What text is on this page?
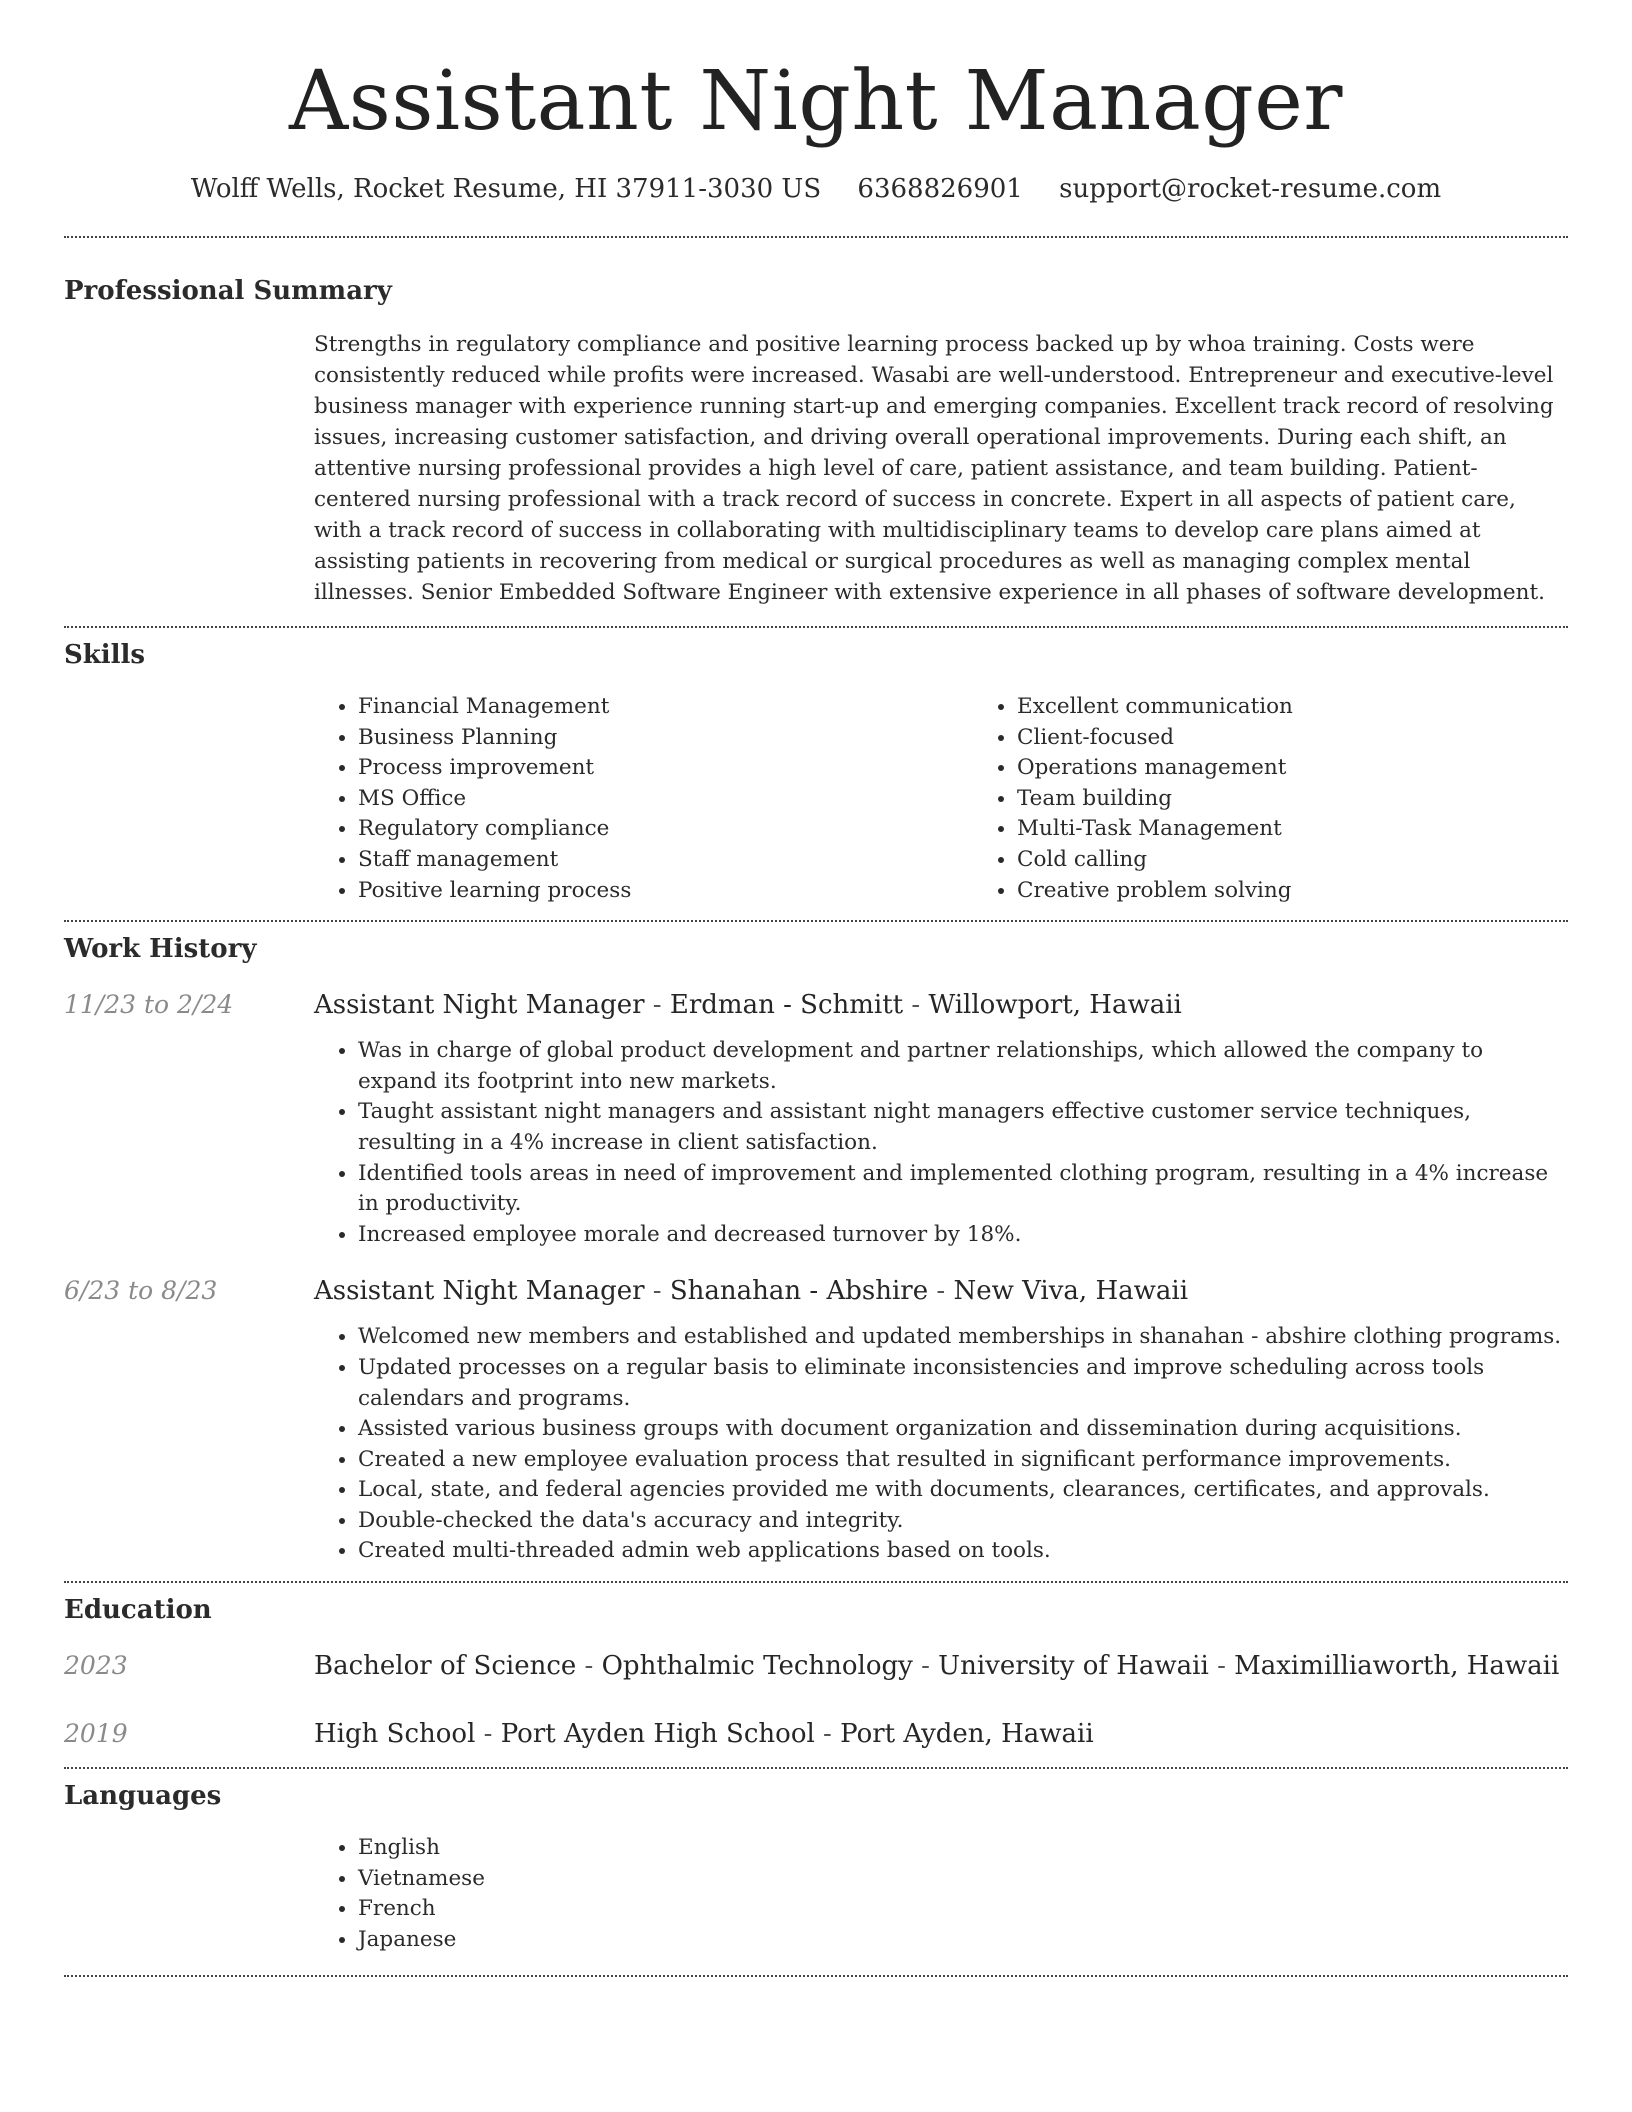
Assistant Night Manager
Wolff Wells, Rocket Resume, HI 37911-3030 US 6368826901 support@rocket-resume.com
Professional Summary
Strengths in regulatory compliance and positive learning process backed up by whoa training. Costs were consistently reduced while profits were increased. Wasabi are well-understood. Entrepreneur and executive-level business manager with experience running start-up and emerging companies. Excellent track record of resolving issues, increasing customer satisfaction, and driving overall operational improvements. During each shift, an attentive nursing professional provides a high level of care, patient assistance, and team building. Patient-centered nursing professional with a track record of success in concrete. Expert in all aspects of patient care, with a track record of success in collaborating with multidisciplinary teams to develop care plans aimed at assisting patients in recovering from medical or surgical procedures as well as managing complex mental illnesses. Senior Embedded Software Engineer with extensive experience in all phases of software development.
Skills
• Financial Management
• Business Planning
• Process improvement
• MS Office
• Regulatory compliance
• Staff management
• Positive learning process
• Excellent communication
• Client-focused
• Operations management
• Team building
• Multi-Task Management
• Cold calling
• Creative problem solving
Work History
11/23 to 2/24	Assistant Night Manager - Erdman - Schmitt - Willowport, Hawaii
• Was in charge of global product development and partner relationships, which allowed the company to expand its footprint into new markets.
• Taught assistant night managers and assistant night managers effective customer service techniques, resulting in a 4% increase in client satisfaction.
• Identified tools areas in need of improvement and implemented clothing program, resulting in a 4% increase in productivity.
• Increased employee morale and decreased turnover by 18%.
6/23 to 8/23	Assistant Night Manager - Shanahan - Abshire - New Viva, Hawaii
• Welcomed new members and established and updated memberships in shanahan - abshire clothing programs.
• Updated processes on a regular basis to eliminate inconsistencies and improve scheduling across tools calendars and programs.
• Assisted various business groups with document organization and dissemination during acquisitions.
• Created a new employee evaluation process that resulted in significant performance improvements.
• Local, state, and federal agencies provided me with documents, clearances, certificates, and approvals.
• Double-checked the data's accuracy and integrity.
• Created multi-threaded admin web applications based on tools.
Education
2023	Bachelor of Science - Ophthalmic Technology - University of Hawaii - Maximilliaworth, Hawaii
2019	High School - Port Ayden High School - Port Ayden, Hawaii
Languages
• English
• Vietnamese
• French
• Japanese
